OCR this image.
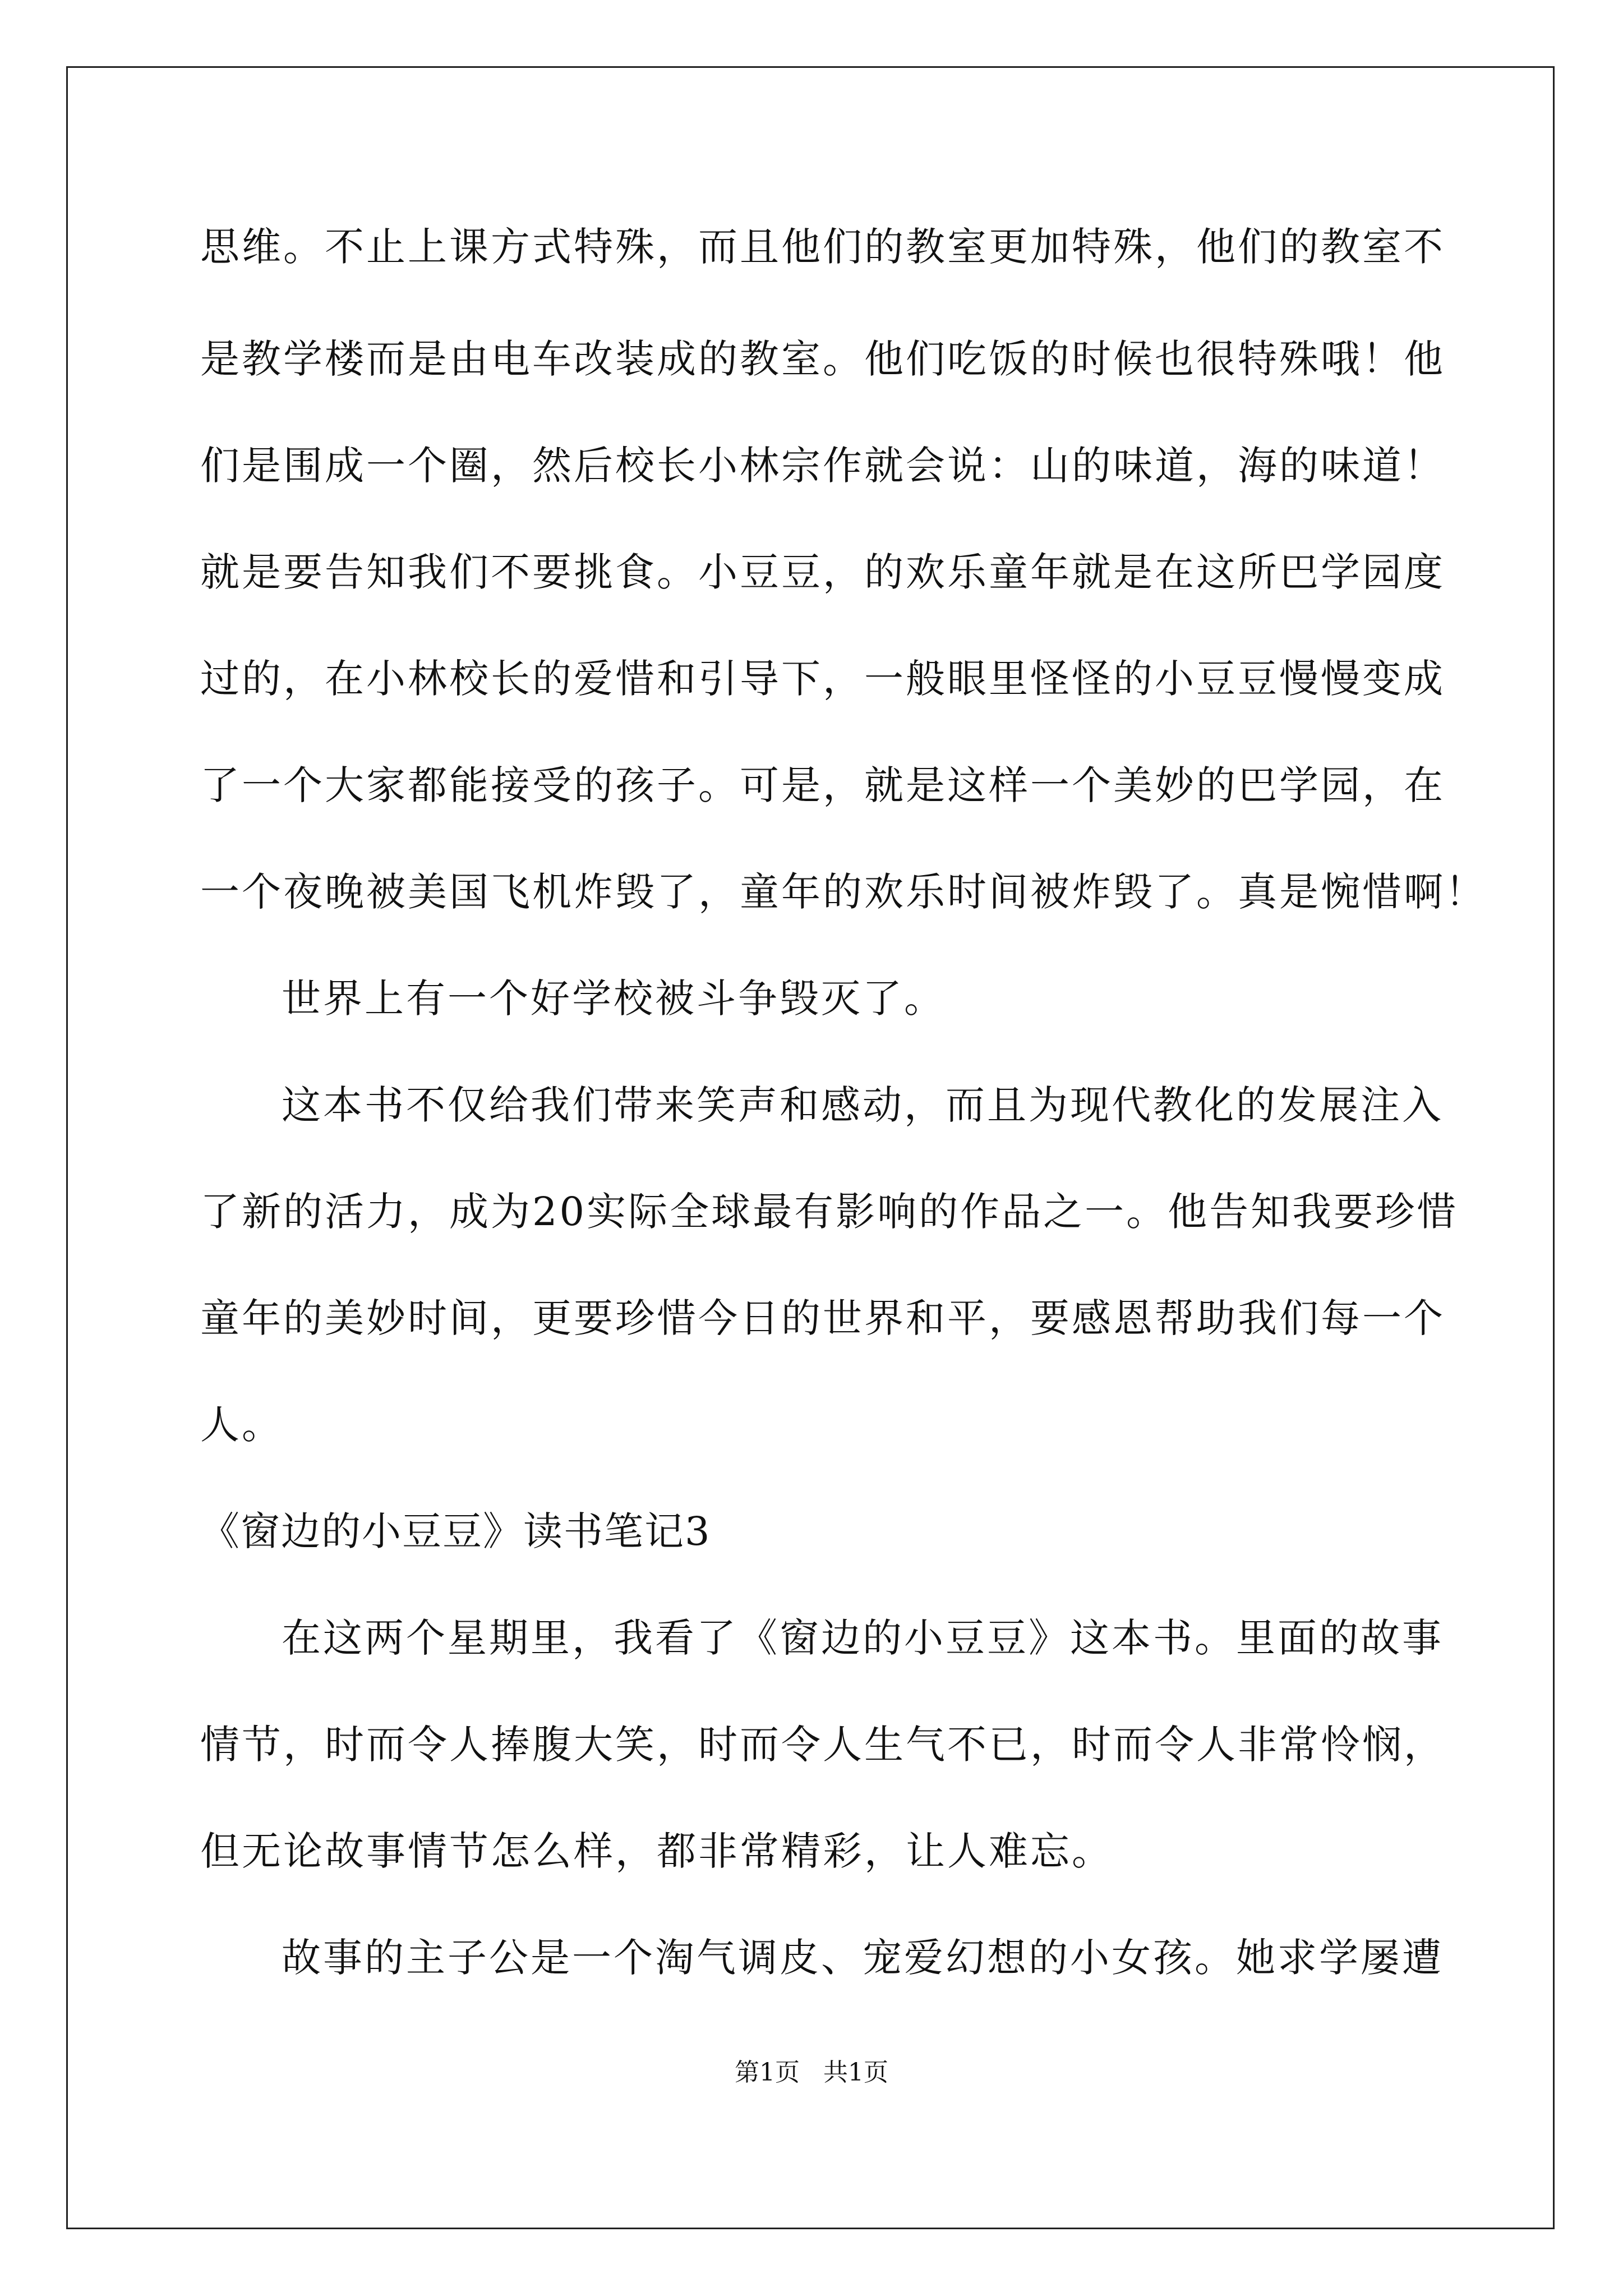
思维。不止上课方式特殊，而且他们的教室更加特殊，他们的教室不
是教学楼而是由电车改装成的教室。他们吃饭的时候也很特殊哦！他
们是围成一个圈，然后校长小林宗作就会说：山的味道，海的味道！
就是要告知我们不要挑食。小豆豆，的欢乐童年就是在这所巴学园度
过的，在小林校长的爱惜和引导下，一般眼里怪怪的小豆豆慢慢变成
了一个大家都能接受的孩子。可是，就是这样一个美妙的巴学园，在
一个夜晚被美国飞机炸毁了，童年的欢乐时间被炸毁了。真是惋惜啊！
世界上有一个好学校被斗争毁灭了。
这本书不仅给我们带来笑声和感动，而且为现代教化的发展注入
了新的活力，成为20实际全球最有影响的作品之一。他告知我要珍惜
童年的美妙时间，更要珍惜今日的世界和平，要感恩帮助我们每一个
人。
《窗边的小豆豆》读书笔记3
在这两个星期里，我看了《窗边的小豆豆》这本书。里面的故事
情节，时而令人捧腹大笑，时而令人生气不已，时而令人非常怜悯，
但无论故事情节怎么样，都非常精彩，让人难忘。
故事的主子公是一个淘气调皮、宠爱幻想的小女孩。她求学屡遭
第1页   共1页
